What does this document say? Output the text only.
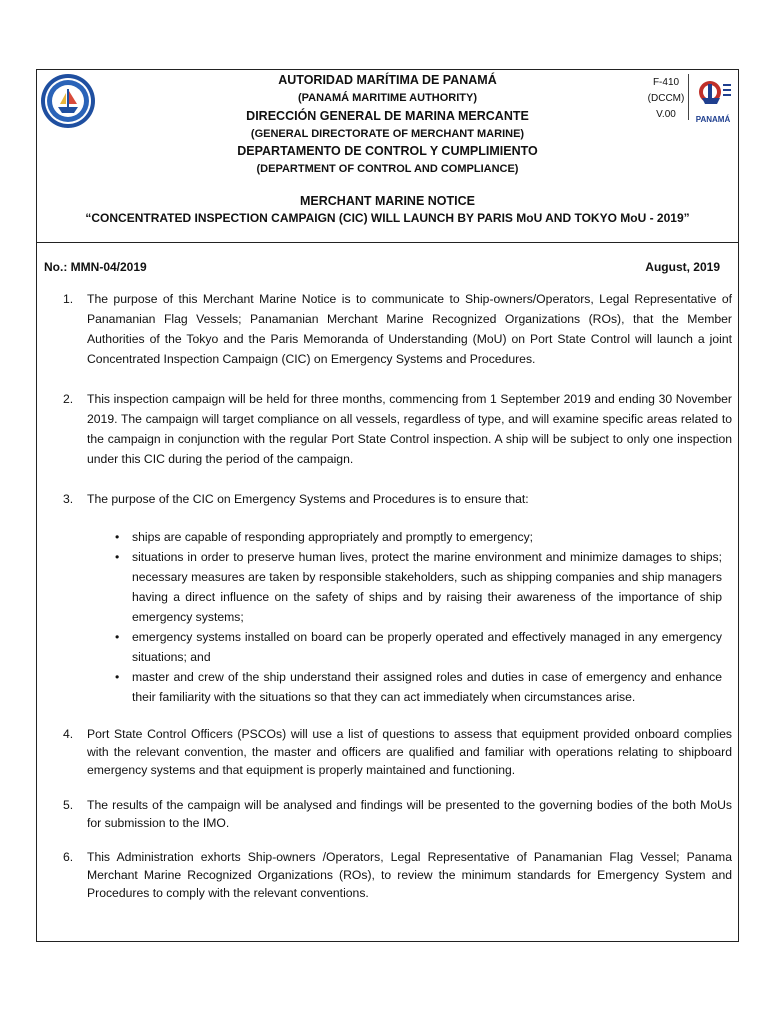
AUTORIDAD MARÍTIMA DE PANAMÁ
(PANAMÁ MARITIME AUTHORITY)
DIRECCIÓN GENERAL DE MARINA MERCANTE
(GENERAL DIRECTORATE OF MERCHANT MARINE)
DEPARTAMENTO DE CONTROL Y CUMPLIMIENTO
(DEPARTMENT OF CONTROL AND COMPLIANCE)
MERCHANT MARINE NOTICE
“CONCENTRATED INSPECTION CAMPAIGN (CIC) WILL LAUNCH BY PARIS MoU AND TOKYO MoU - 2019”
F-410
(DCCM)
V.00	PANAMÁ
No.: MMN-04/2019	August, 2019
1. The purpose of this Merchant Marine Notice is to communicate to Ship-owners/Operators, Legal Representative of Panamanian Flag Vessels; Panamanian Merchant Marine Recognized Organizations (ROs), that the Member Authorities of the Tokyo and the Paris Memoranda of Understanding (MoU) on Port State Control will launch a joint Concentrated Inspection Campaign (CIC) on Emergency Systems and Procedures.
2. This inspection campaign will be held for three months, commencing from 1 September 2019 and ending 30 November 2019. The campaign will target compliance on all vessels, regardless of type, and will examine specific areas related to the campaign in conjunction with the regular Port State Control inspection. A ship will be subject to only one inspection under this CIC during the period of the campaign.
3. The purpose of the CIC on Emergency Systems and Procedures is to ensure that:
• ships are capable of responding appropriately and promptly to emergency;
• situations in order to preserve human lives, protect the marine environment and minimize damages to ships; necessary measures are taken by responsible stakeholders, such as shipping companies and ship managers having a direct influence on the safety of ships and by raising their awareness of the importance of ship emergency systems;
• emergency systems installed on board can be properly operated and effectively managed in any emergency situations; and
• master and crew of the ship understand their assigned roles and duties in case of emergency and enhance their familiarity with the situations so that they can act immediately when circumstances arise.
4. Port State Control Officers (PSCOs) will use a list of questions to assess that equipment provided onboard complies with the relevant convention, the master and officers are qualified and familiar with operations relating to shipboard emergency systems and that equipment is properly maintained and functioning.
5. The results of the campaign will be analysed and findings will be presented to the governing bodies of the both MoUs for submission to the IMO.
6. This Administration exhorts Ship-owners /Operators, Legal Representative of Panamanian Flag Vessel; Panama Merchant Marine Recognized Organizations (ROs), to review the minimum standards for Emergency System and Procedures to comply with the relevant conventions.
